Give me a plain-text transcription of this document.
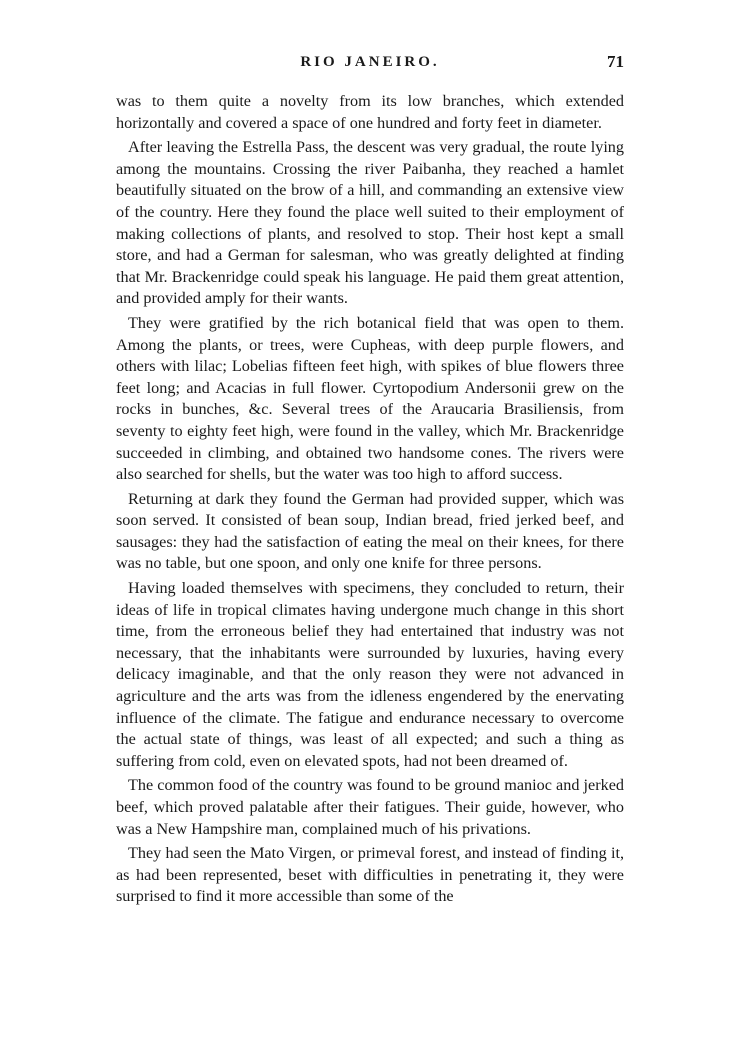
RIO JANEIRO.	71

was to them quite a novelty from its low branches, which extended horizontally and covered a space of one hundred and forty feet in diameter.

After leaving the Estrella Pass, the descent was very gradual, the route lying among the mountains. Crossing the river Paibanha, they reached a hamlet beautifully situated on the brow of a hill, and commanding an extensive view of the country. Here they found the place well suited to their employment of making collections of plants, and resolved to stop. Their host kept a small store, and had a German for salesman, who was greatly delighted at finding that Mr. Brackenridge could speak his language. He paid them great attention, and provided amply for their wants.

They were gratified by the rich botanical field that was open to them. Among the plants, or trees, were Cupheas, with deep purple flowers, and others with lilac; Lobelias fifteen feet high, with spikes of blue flowers three feet long; and Acacias in full flower. Cyrtopodium Andersonii grew on the rocks in bunches, &c. Several trees of the Araucaria Brasiliensis, from seventy to eighty feet high, were found in the valley, which Mr. Brackenridge succeeded in climbing, and obtained two handsome cones. The rivers were also searched for shells, but the water was too high to afford success.

Returning at dark they found the German had provided supper, which was soon served. It consisted of bean soup, Indian bread, fried jerked beef, and sausages: they had the satisfaction of eating the meal on their knees, for there was no table, but one spoon, and only one knife for three persons.

Having loaded themselves with specimens, they concluded to return, their ideas of life in tropical climates having undergone much change in this short time, from the erroneous belief they had entertained that industry was not necessary, that the inhabitants were surrounded by luxuries, having every delicacy imaginable, and that the only reason they were not advanced in agriculture and the arts was from the idleness engendered by the enervating influence of the climate. The fatigue and endurance necessary to overcome the actual state of things, was least of all expected; and such a thing as suffering from cold, even on elevated spots, had not been dreamed of.

The common food of the country was found to be ground manioc and jerked beef, which proved palatable after their fatigues. Their guide, however, who was a New Hampshire man, complained much of his privations.

They had seen the Mato Virgen, or primeval forest, and instead of finding it, as had been represented, beset with difficulties in penetrating it, they were surprised to find it more accessible than some of the
